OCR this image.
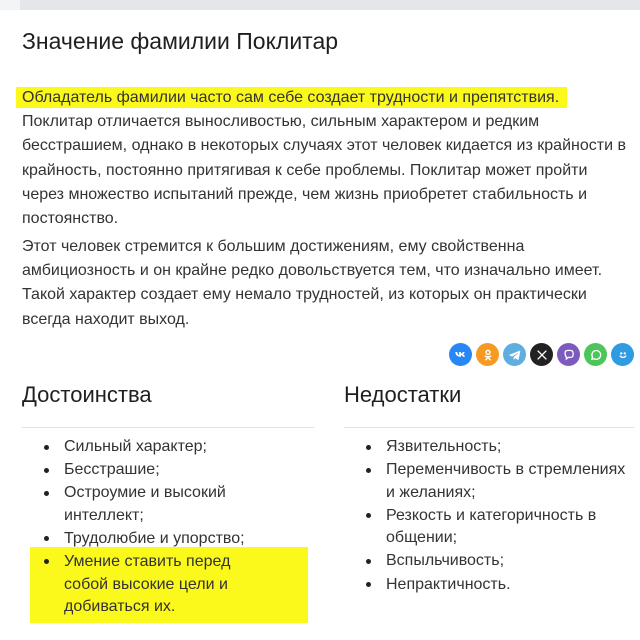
Значение фамилии Поклитар

Обладатель фамилии часто сам себе создает трудности и препятствия.
Поклитар отличается выносливостью, сильным характером и редким бесстрашием, однако в некоторых случаях этот человек кидается из крайности в крайность, постоянно притягивая к себе проблемы. Поклитар может пройти через множество испытаний прежде, чем жизнь приобретет стабильность и постоянство.

Этот человек стремится к большим достижениям, ему свойственна амбициозность и он крайне редко довольствуется тем, что изначально имеет. Такой характер создает ему немало трудностей, из которых он практически всегда находит выход.

Достоинства	Недостатки
Сильный характер;
Бесстрашие;
Остроумие и высокий интеллект;
Трудолюбие и упорство;
Умение ставить перед собой высокие цели и добиваться их.
Язвительность;
Переменчивость в стремлениях и желаниях;
Резкость и категоричность в общении;
Вспыльчивость;
Непрактичность.
